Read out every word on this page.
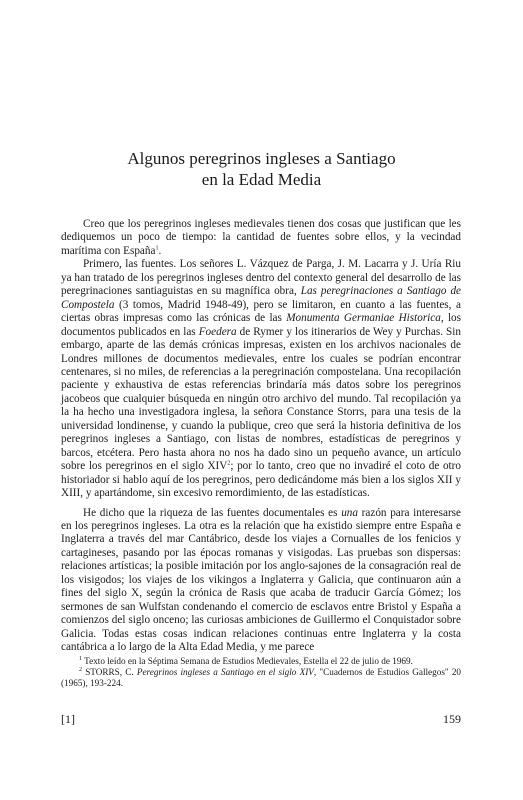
Algunos peregrinos ingleses a Santiago
en la Edad Media

Creo que los peregrinos ingleses medievales tienen dos cosas que justifican que les dediquemos un poco de tiempo: la cantidad de fuentes sobre ellos, y la vecindad marítima con España$^1$.

Primero, las fuentes. Los señores L. Vázquez de Parga, J. M. Lacarra y J. Uría Riu ya han tratado de los peregrinos ingleses dentro del contexto general del desarrollo de las peregrinaciones santiaguistas en su magnífica obra, Las peregrinaciones a Santiago de Compostela (3 tomos, Madrid 1948-49), pero se limitaron, en cuanto a las fuentes, a ciertas obras impresas como las crónicas de las Monumenta Germaniae Historica, los documentos publicados en las Foedera de Rymer y los itinerarios de Wey y Purchas. Sin embargo, aparte de las demás crónicas impresas, existen en los archivos nacionales de Londres millones de documentos medievales, entre los cuales se podrían encontrar centenares, si no miles, de referencias a la peregrinación compostelana. Una recopilación paciente y exhaustiva de estas referencias brindaría más datos sobre los peregrinos jacobeos que cualquier búsqueda en ningún otro archivo del mundo. Tal recopilación ya la ha hecho una investigadora inglesa, la señora Constance Storrs, para una tesis de la universidad londinense, y cuando la publique, creo que será la historia definitiva de los peregrinos ingleses a Santiago, con listas de nombres, estadísticas de peregrinos y barcos, etcétera. Pero hasta ahora no nos ha dado sino un pequeño avance, un artículo sobre los peregrinos en el siglo XIV$^2$; por lo tanto, creo que no invadiré el coto de otro historiador si hablo aquí de los peregrinos, pero dedicándome más bien a los siglos XII y XIII, y apartándome, sin excesivo remordimiento, de las estadísticas.

He dicho que la riqueza de las fuentes documentales es una razón para interesarse en los peregrinos ingleses. La otra es la relación que ha existido siempre entre España e Inglaterra a través del mar Cantábrico, desde los viajes a Cornualles de los fenicios y cartagineses, pasando por las épocas romanas y visigodas. Las pruebas son dispersas: relaciones artísticas; la posible imitación por los anglo-sajones de la consagración real de los visigodos; los viajes de los vikingos a Inglaterra y Galicia, que continuaron aún a fines del siglo X, según la crónica de Rasis que acaba de traducir García Gómez; los sermones de san Wulfstan condenando el comercio de esclavos entre Bristol y España a comienzos del siglo onceno; las curiosas ambiciones de Guillermo el Conquistador sobre Galicia. Todas estas cosas indican relaciones continuas entre Inglaterra y la costa cantábrica a lo largo de la Alta Edad Media, y me parece

$^1$ Texto leído en la Séptima Semana de Estudios Medievales, Estella el 22 de julio de 1969.

$^2$ STORRS, C. Peregrinos ingleses a Santiago en el siglo XIV, "Cuadernos de Estudios Gallegos" 20 (1965), 193-224.

[1]	159
